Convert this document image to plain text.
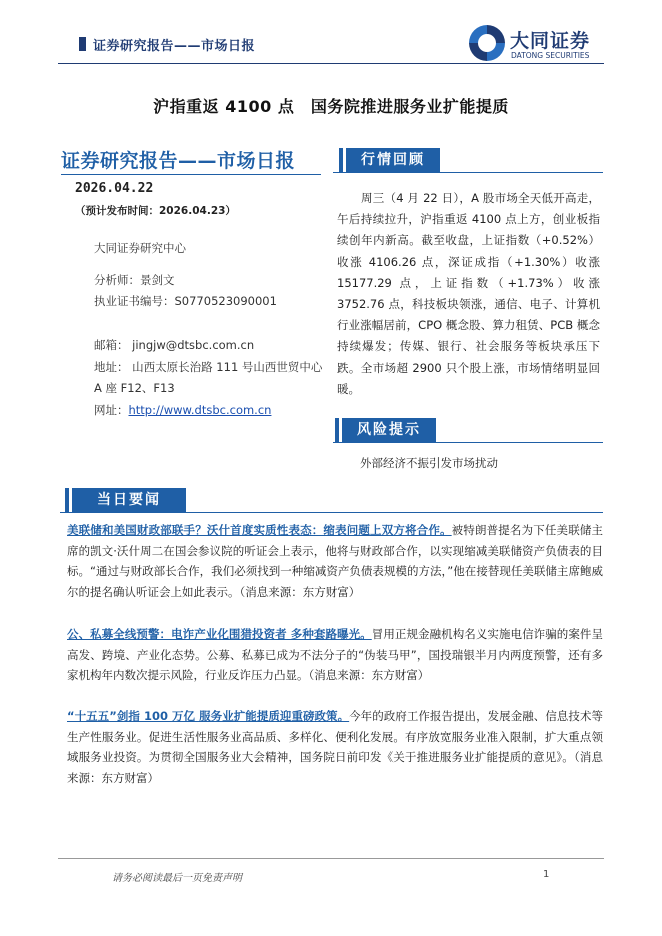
证券研究报告——市场日报	大同证券
DATONG SECURITIES
沪指重返 4100 点　国务院推进服务业扩能提质
证券研究报告——市场日报
2026.04.22
（预计发布时间：2026.04.23）
大同证券研究中心
分析师：景剑文
执业证书编号：S0770523090001
邮箱： jingjw@dtsbc.com.cn
地址： 山西太原长治路 111 号山西世贸中心
A 座 F12、F13
网址：http://www.dtsbc.com.cn
行情回顾
周三（4 月 22 日），A 股市场全天低开高走，午后持续拉升，沪指重返 4100 点上方，创业板指续创年内新高。截至收盘，上证指数（+0.52%）收涨 4106.26 点，深证成指（+1.30%）收涨 15177.29 点，上证指数（+1.73%）收涨 3752.76 点，科技板块领涨，通信、电子、计算机行业涨幅居前，CPO 概念股、算力租赁、PCB 概念持续爆发；传媒、银行、社会服务等板块承压下跌。全市场超 2900 只个股上涨，市场情绪明显回暖。
风险提示
外部经济不振引发市场扰动
当日要闻
美联储和美国财政部联手？沃什首度实质性表态：缩表问题上双方将合作。被特朗普提名为下任美联储主席的凯文·沃什周二在国会参议院的听证会上表示，他将与财政部合作，以实现缩减美联储资产负债表的目标。“通过与财政部长合作，我们必须找到一种缩减资产负债表规模的方法，”他在接替现任美联储主席鲍威尔的提名确认听证会上如此表示。（消息来源：东方财富）
公、私募全线预警：电诈产业化围猎投资者 多种套路曝光。冒用正规金融机构名义实施电信诈骗的案件呈高发、跨境、产业化态势。公募、私募已成为不法分子的“伪装马甲”，国投瑞银半月内两度预警，还有多家机构年内数次提示风险，行业反诈压力凸显。（消息来源：东方财富）
“十五五”剑指 100 万亿 服务业扩能提质迎重磅政策。今年的政府工作报告提出，发展金融、信息技术等生产性服务业。促进生活性服务业高品质、多样化、便利化发展。有序放宽服务业准入限制，扩大重点领域服务业投资。为贯彻全国服务业大会精神，国务院日前印发《关于推进服务业扩能提质的意见》。（消息来源：东方财富）
请务必阅读最后一页免责声明	1
